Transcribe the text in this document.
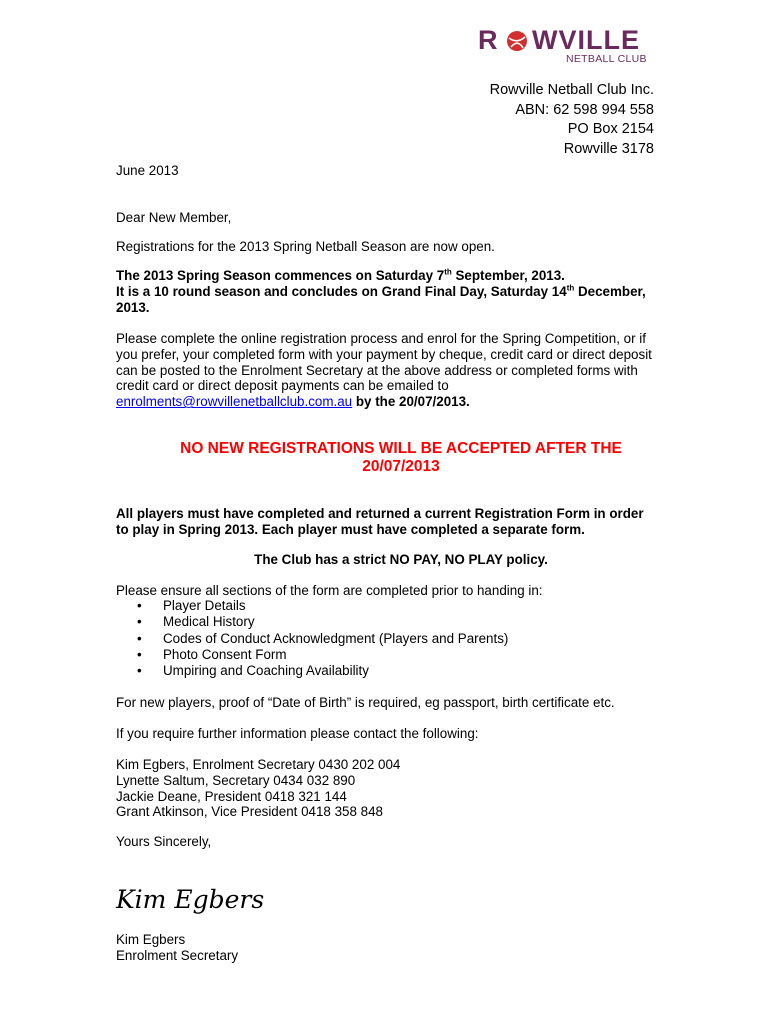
R WVILLE
NETBALL CLUB
Rowville Netball Club Inc.
ABN: 62 598 994 558
PO Box 2154
Rowville 3178
June 2013
Dear New Member,
Registrations for the 2013 Spring Netball Season are now open.
The 2013 Spring Season commences on Saturday 7th September, 2013.
It is a 10 round season and concludes on Grand Final Day, Saturday 14th December,
2013.
Please complete the online registration process and enrol for the Spring Competition, or if
you prefer, your completed form with your payment by cheque, credit card or direct deposit
can be posted to the Enrolment Secretary at the above address or completed forms with
credit card or direct deposit payments can be emailed to
enrolments@rowvillenetballclub.com.au by the 20/07/2013.
NO NEW REGISTRATIONS WILL BE ACCEPTED AFTER THE
20/07/2013
All players must have completed and returned a current Registration Form in order
to play in Spring 2013. Each player must have completed a separate form.
The Club has a strict NO PAY, NO PLAY policy.
Please ensure all sections of the form are completed prior to handing in:
• Player Details
• Medical History
• Codes of Conduct Acknowledgment (Players and Parents)
• Photo Consent Form
• Umpiring and Coaching Availability
For new players, proof of “Date of Birth” is required, eg passport, birth certificate etc.
If you require further information please contact the following:
Kim Egbers, Enrolment Secretary 0430 202 004
Lynette Saltum, Secretary 0434 032 890
Jackie Deane, President 0418 321 144
Grant Atkinson, Vice President 0418 358 848
Yours Sincerely,
Kim Egbers
Kim Egbers
Enrolment Secretary
